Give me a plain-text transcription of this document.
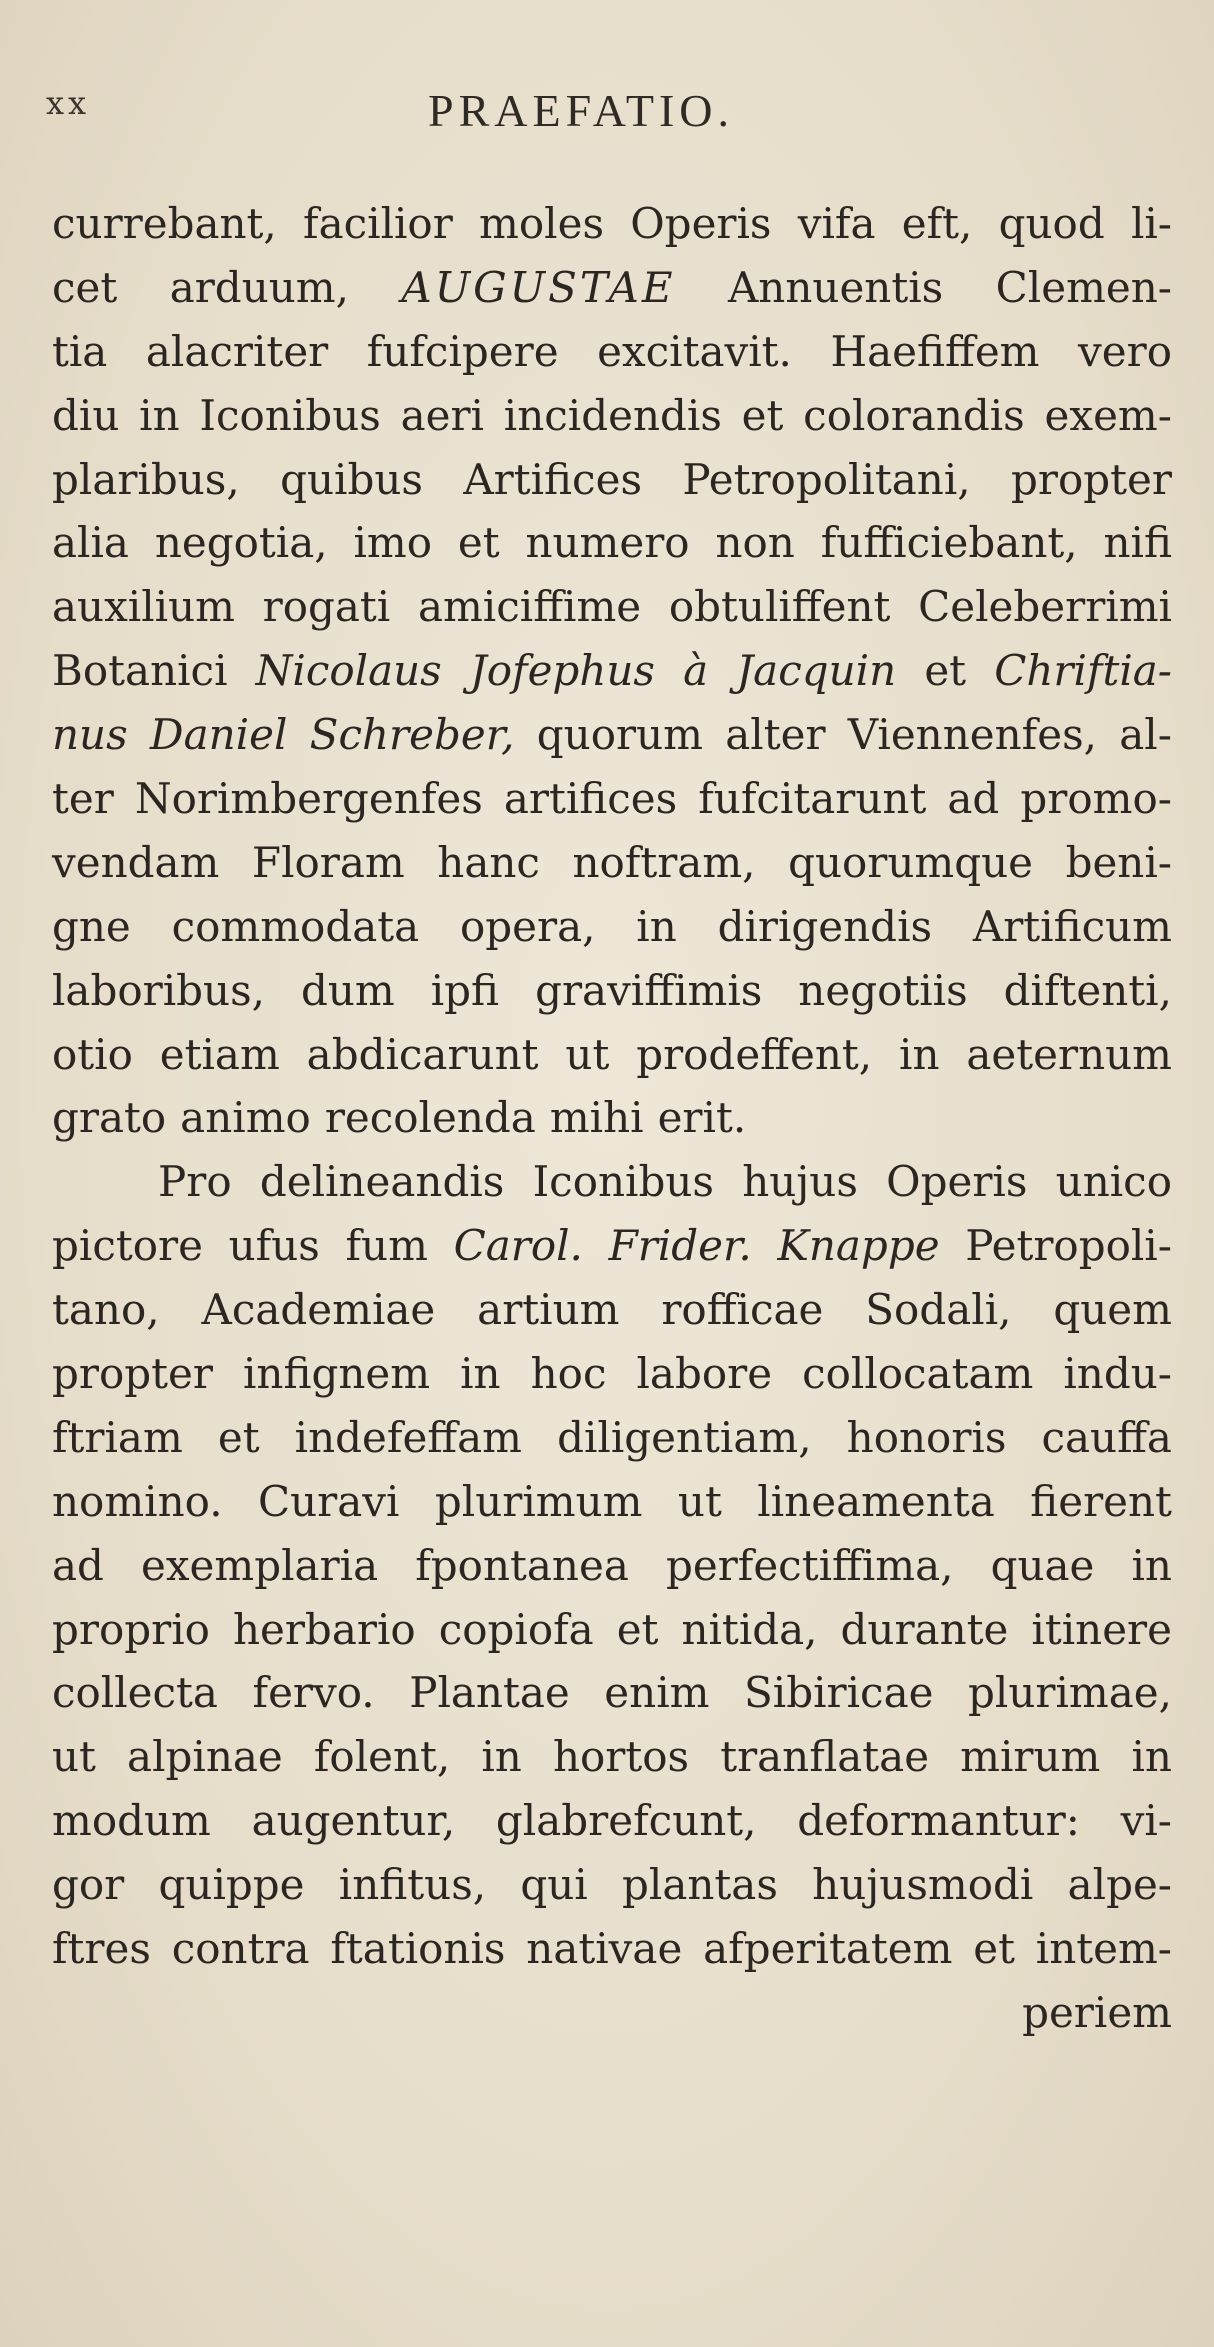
xx	PRAEFATIO.
currebant, facilior moles Operis vifa eft, quod li-
cet arduum, AUGUSTAE Annuentis Clemen-
tia alacriter fufcipere excitavit. Haefiffem vero
diu in Iconibus aeri incidendis et colorandis exem-
plaribus, quibus Artifices Petropolitani, propter
alia negotia, imo et numero non fufficiebant, nifi
auxilium rogati amiciffime obtuliffent Celeberrimi
Botanici Nicolaus Jofephus à Jacquin et Chriftia-
nus Daniel Schreber, quorum alter Viennenfes, al-
ter Norimbergenfes artifices fufcitarunt ad promo-
vendam Floram hanc noftram, quorumque beni-
gne commodata opera, in dirigendis Artificum
laboribus, dum ipfi graviffimis negotiis diftenti,
otio etiam abdicarunt ut prodeffent, in aeternum
grato animo recolenda mihi erit.
Pro delineandis Iconibus hujus Operis unico
pictore ufus fum Carol. Frider. Knappe Petropoli-
tano, Academiae artium rofficae Sodali, quem
propter infignem in hoc labore collocatam indu-
ftriam et indefeffam diligentiam, honoris cauffa
nomino. Curavi plurimum ut lineamenta fierent
ad exemplaria fpontanea perfectiffima, quae in
proprio herbario copiofa et nitida, durante itinere
collecta fervo. Plantae enim Sibiricae plurimae,
ut alpinae folent, in hortos tranflatae mirum in
modum augentur, glabrefcunt, deformantur: vi-
gor quippe infitus, qui plantas hujusmodi alpe-
ftres contra ftationis nativae afperitatem et intem-
periem
